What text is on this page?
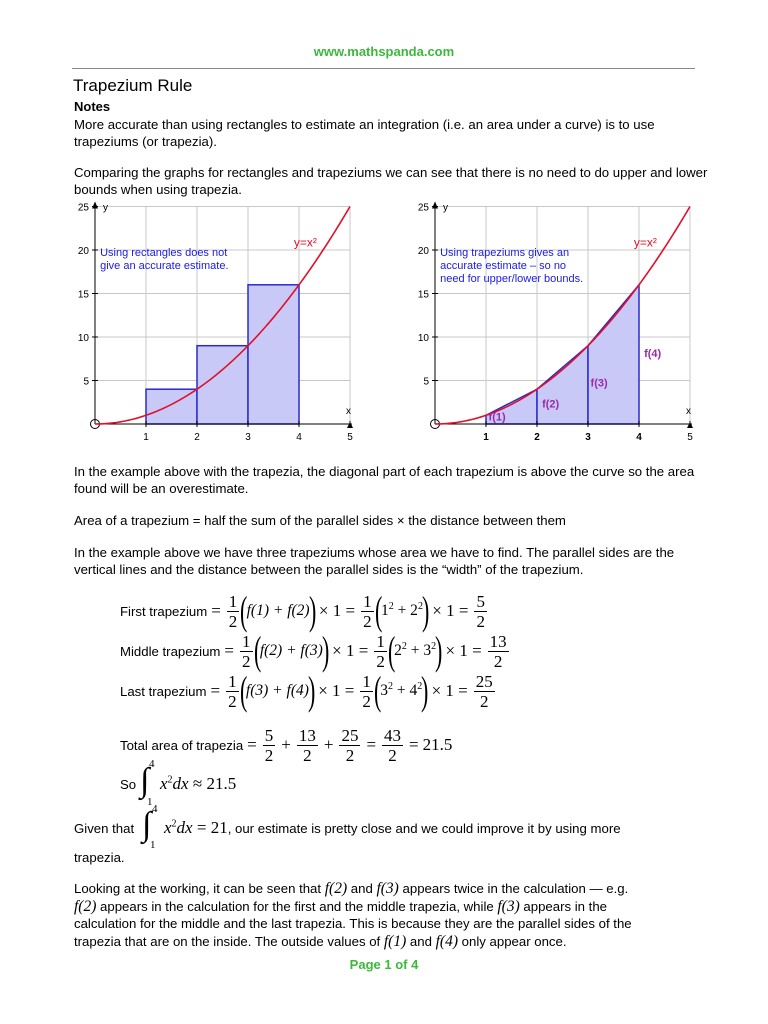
www.mathspanda.com
Trapezium Rule
Notes

More accurate than using rectangles to estimate an integration (i.e. an area under a curve) is to use trapeziums (or trapezia).

Comparing the graphs for rectangles and trapeziums we can see that there is no need to do upper and lower bounds when using trapezia.

1	2	3	4	5
5
10
15
20
25 y
x
y=x²
Using rectangles does not
give an accurate estimate.
1	2	3	4	5
5
10
15
20
25 y
x
y=x²
Using trapeziums gives an
accurate estimate – so no
need for upper/lower bounds.
f(1)
f(2)
f(3)
f(4)

In the example above with the trapezia, the diagonal part of each trapezium is above the curve so the area found will be an overestimate.

Area of a trapezium = half the sum of the parallel sides × the distance between them

In the example above we have three trapeziums whose area we have to find. The parallel sides are the vertical lines and the distance between the parallel sides is the “width” of the trapezium.

First trapezium = $\frac{1}{2}$ (
f(1) + f(2)
) × $1 = \frac{1}{2}$ (
$1^2 + 2^2$
) × $1 = \frac{5}{2}$
Middle trapezium = $\frac{1}{2}$ (
f(2) + f(3)
) × $1 = \frac{1}{2}$ (
$2^2 + 3^2$
) × $1 = \frac{13}{2}$
Last trapezium = $\frac{1}{2}$ (
f(3) + f(4)
) × $1 = \frac{1}{2}$ (
$3^2 + 4^2$
) × $1 = \frac{25}{2}$
Total area of trapezia = $\frac{5}{2} + \frac{13}{2} + \frac{25}{2} = \frac{43}{2} = 21.5$
So ∫ 4
1
$x^2dx \approx 21.5$
Given that ∫ 4
1
$x^2dx = 21$, our estimate is pretty close and we could improve it by using more

trapezia.

Looking at the working, it can be seen that f(2) and f(3) appears twice in the calculation — e.g.
f(2) appears in the calculation for the first and the middle trapezia, while f(3) appears in the
calculation for the middle and the last trapezia. This is because they are the parallel sides of the
trapezia that are on the inside. The outside values of f(1) and f(4) only appear once.
Page 1 of 4
